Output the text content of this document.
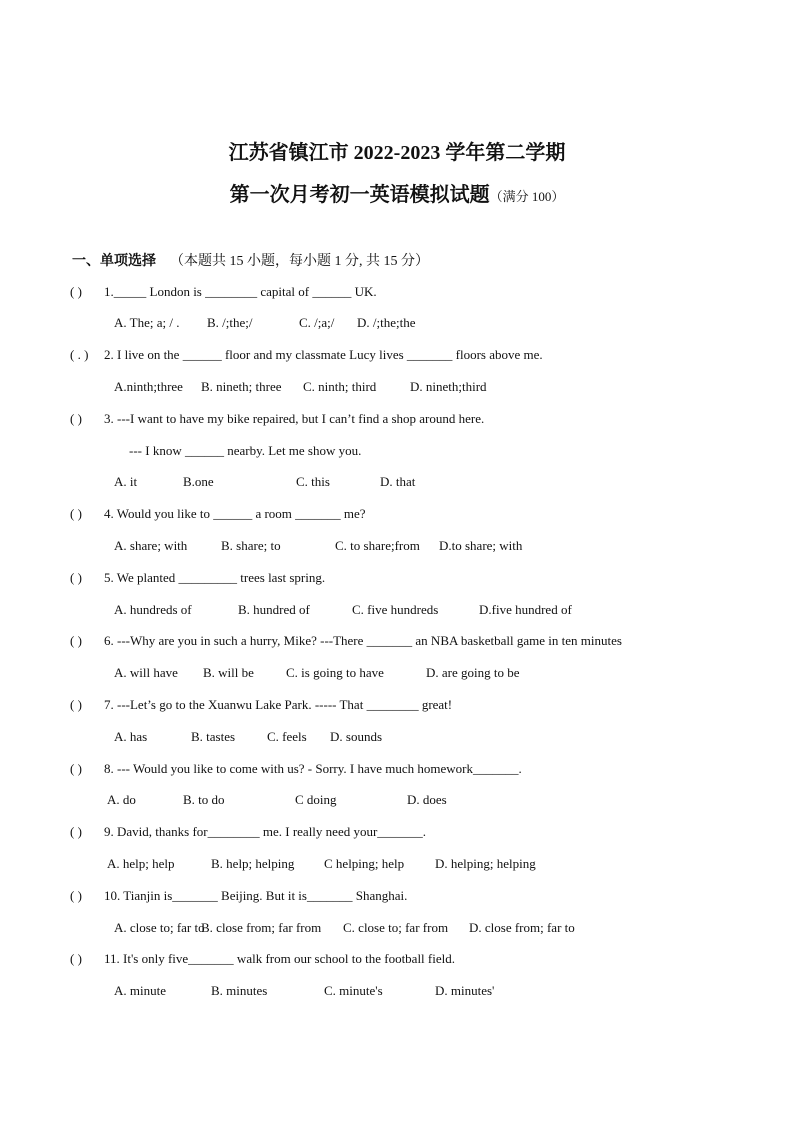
江苏省镇江市 2022-2023 学年第二学期
第一次月考初一英语模拟试题（满分 100）
一、单项选择 （本题共 15 小题，每小题 1 分, 共 15 分）
( ) 1._____ London is ________ capital of ______ UK.
A. The; a; / . B. /;the;/	C. /;a;/ D. /;the;the
( . ) 2. I live on the ______ floor and my classmate Lucy lives _______ floors above me.
A.ninth;three B. nineth; three C. ninth; third	D. nineth;third
( ) 3. ---I want to have my bike repaired, but I can’t find a shop around here.
--- I know ______ nearby. Let me show you.
A. it	B.one	C. this	D. that
( ) 4. Would you like to ______ a room _______ me?
A. share; with	B. share; to	C. to share;from D.to share; with
( ) 5. We planted _________ trees last spring.
A. hundreds of	B. hundred of	C. five hundreds	D.five hundred of
( ) 6. ---Why are you in such a hurry, Mike? ---There _______ an NBA basketball game in ten minutes
A. will have B. will be C. is going to have	D. are going to be
( ) 7. ---Let’s go to the Xuanwu Lake Park. ----- That ________ great!
A. has	B. tastes C. feels D. sounds
( ) 8. --- Would you like to come with us? - Sorry. I have much homework_______.
A. do	B. to do	C doing	D. does
( ) 9. David, thanks for________ me. I really need your_______.
A. help; help	B. help; helping C helping; help D. helping; helping
( ) 10. Tianjin is_______ Beijing. But it is_______ Shanghai.
A. close to; far toB. close from; far from C. close to; far from D. close from; far to
( ) 11. It's only five_______ walk from our school to the football field.
A. minute	B. minutes	C. minute's	D. minutes'
